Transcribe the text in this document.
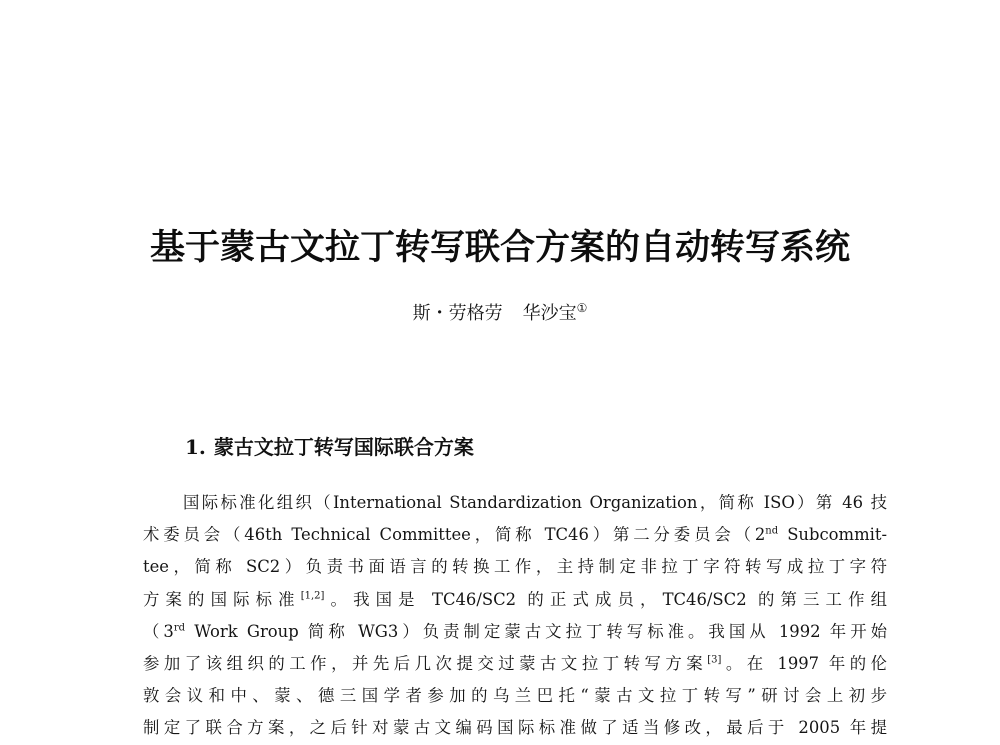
基于蒙古文拉丁转写联合方案的自动转写系统
斯・劳格劳 华沙宝①
1. 蒙古文拉丁转写国际联合方案
国际标准化组织（International Standardization Organization，简称 ISO）第 46 技
术委员会（46th Technical Committee，简称 TC46）第二分委员会（2nd Subcommit-
tee，简称 SC2）负责书面语言的转换工作，主持制定非拉丁字符转写成拉丁字符
方案的国际标准[1,2]。我国是 TC46/SC2 的正式成员，TC46/SC2 的第三工作组
（3rd Work Group 简称 WG3）负责制定蒙古文拉丁转写标准。我国从 1992 年开始
参加了该组织的工作，并先后几次提交过蒙古文拉丁转写方案[3]。在 1997 年的伦
敦会议和中、蒙、德三国学者参加的乌兰巴托“蒙古文拉丁转写”研讨会上初步
制定了联合方案，之后针对蒙古文编码国际标准做了适当修改，最后于 2005 年提
